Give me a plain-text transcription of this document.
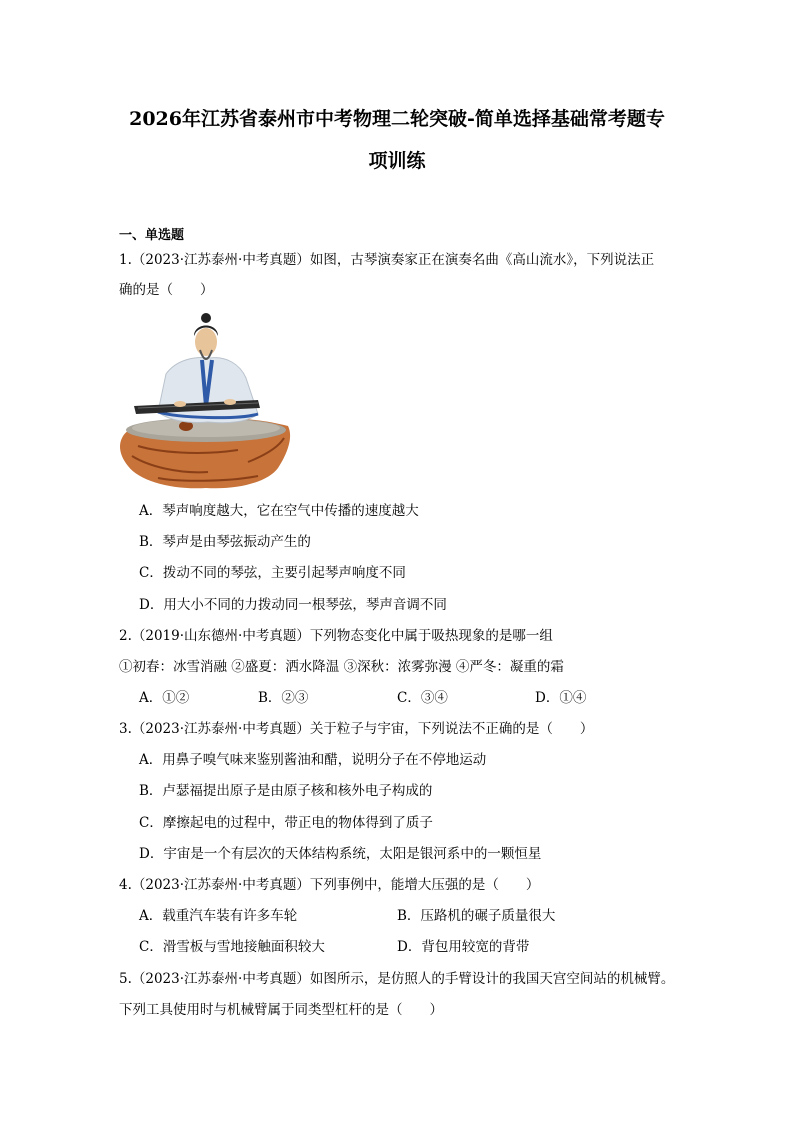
2026年江苏省泰州市中考物理二轮突破-简单选择基础常考题专
项训练
一、单选题
1.（2023·江苏泰州·中考真题）如图，古琴演奏家正在演奏名曲《高山流水》，下列说法正
确的是（　　）
A．琴声响度越大，它在空气中传播的速度越大
B．琴声是由琴弦振动产生的
C．拨动不同的琴弦，主要引起琴声响度不同
D．用大小不同的力拨动同一根琴弦，琴声音调不同
2.（2019·山东德州·中考真题）下列物态变化中属于吸热现象的是哪一组
①初春：冰雪消融 ②盛夏：洒水降温 ③深秋：浓雾弥漫 ④严冬：凝重的霜
A．①②	B．②③	C．③④	D．①④
3.（2023·江苏泰州·中考真题）关于粒子与宇宙，下列说法不正确的是（　　）
A．用鼻子嗅气味来鉴别酱油和醋，说明分子在不停地运动
B．卢瑟福提出原子是由原子核和核外电子构成的
C．摩擦起电的过程中，带正电的物体得到了质子
D．宇宙是一个有层次的天体结构系统，太阳是银河系中的一颗恒星
4.（2023·江苏泰州·中考真题）下列事例中，能增大压强的是（　　）
A．载重汽车装有许多车轮	B．压路机的碾子质量很大
C．滑雪板与雪地接触面积较大	D．背包用较宽的背带
5.（2023·江苏泰州·中考真题）如图所示，是仿照人的手臂设计的我国天宫空间站的机械臂。
下列工具使用时与机械臂属于同类型杠杆的是（　　）
